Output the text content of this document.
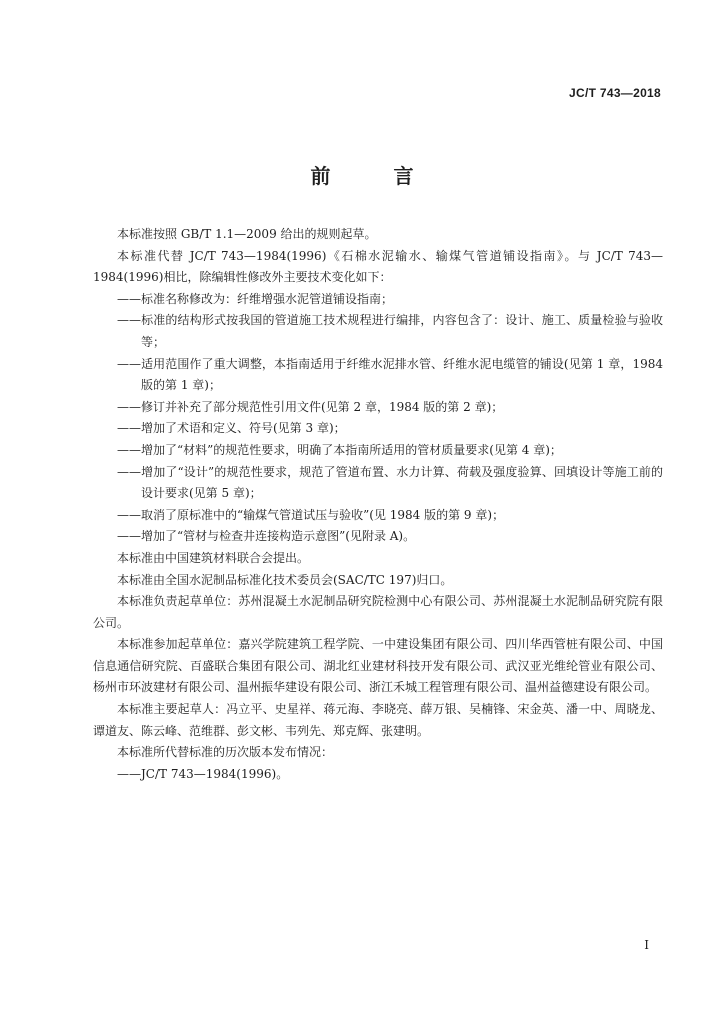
JC/T 743—2018
前 言

本标准按照 GB/T 1.1—2009 给出的规则起草。

本标准代替 JC/T 743—1984(1996)《石棉水泥输水、输煤气管道铺设指南》。与 JC/T 743—1984(1996)相比，除编辑性修改外主要技术变化如下：

——标准名称修改为：纤维增强水泥管道铺设指南；

——标准的结构形式按我国的管道施工技术规程进行编排，内容包含了：设计、施工、质量检验与验收等；

——适用范围作了重大调整，本指南适用于纤维水泥排水管、纤维水泥电缆管的铺设(见第 1 章，1984 版的第 1 章)；

——修订并补充了部分规范性引用文件(见第 2 章，1984 版的第 2 章)；

——增加了术语和定义、符号(见第 3 章)；

——增加了“材料”的规范性要求，明确了本指南所适用的管材质量要求(见第 4 章)；

——增加了“设计”的规范性要求，规范了管道布置、水力计算、荷载及强度验算、回填设计等施工前的设计要求(见第 5 章)；

——取消了原标准中的“输煤气管道试压与验收”(见 1984 版的第 9 章)；

——增加了“管材与检查井连接构造示意图”(见附录 A)。

本标准由中国建筑材料联合会提出。

本标准由全国水泥制品标准化技术委员会(SAC/TC 197)归口。

本标准负责起草单位：苏州混凝土水泥制品研究院检测中心有限公司、苏州混凝土水泥制品研究院有限公司。

本标准参加起草单位：嘉兴学院建筑工程学院、一中建设集团有限公司、四川华西管桩有限公司、中国信息通信研究院、百盛联合集团有限公司、湖北红业建材科技开发有限公司、武汉亚光维纶管业有限公司、杨州市环波建材有限公司、温州振华建设有限公司、浙江禾城工程管理有限公司、温州益德建设有限公司。

本标准主要起草人：冯立平、史星祥、蒋元海、李晓亮、薛万银、吴楠锋、宋金英、潘一中、周晓龙、谭道友、陈云峰、范维群、彭文彬、韦列先、郑克辉、张建明。

本标准所代替标准的历次版本发布情况：

——JC/T 743—1984(1996)。

I
